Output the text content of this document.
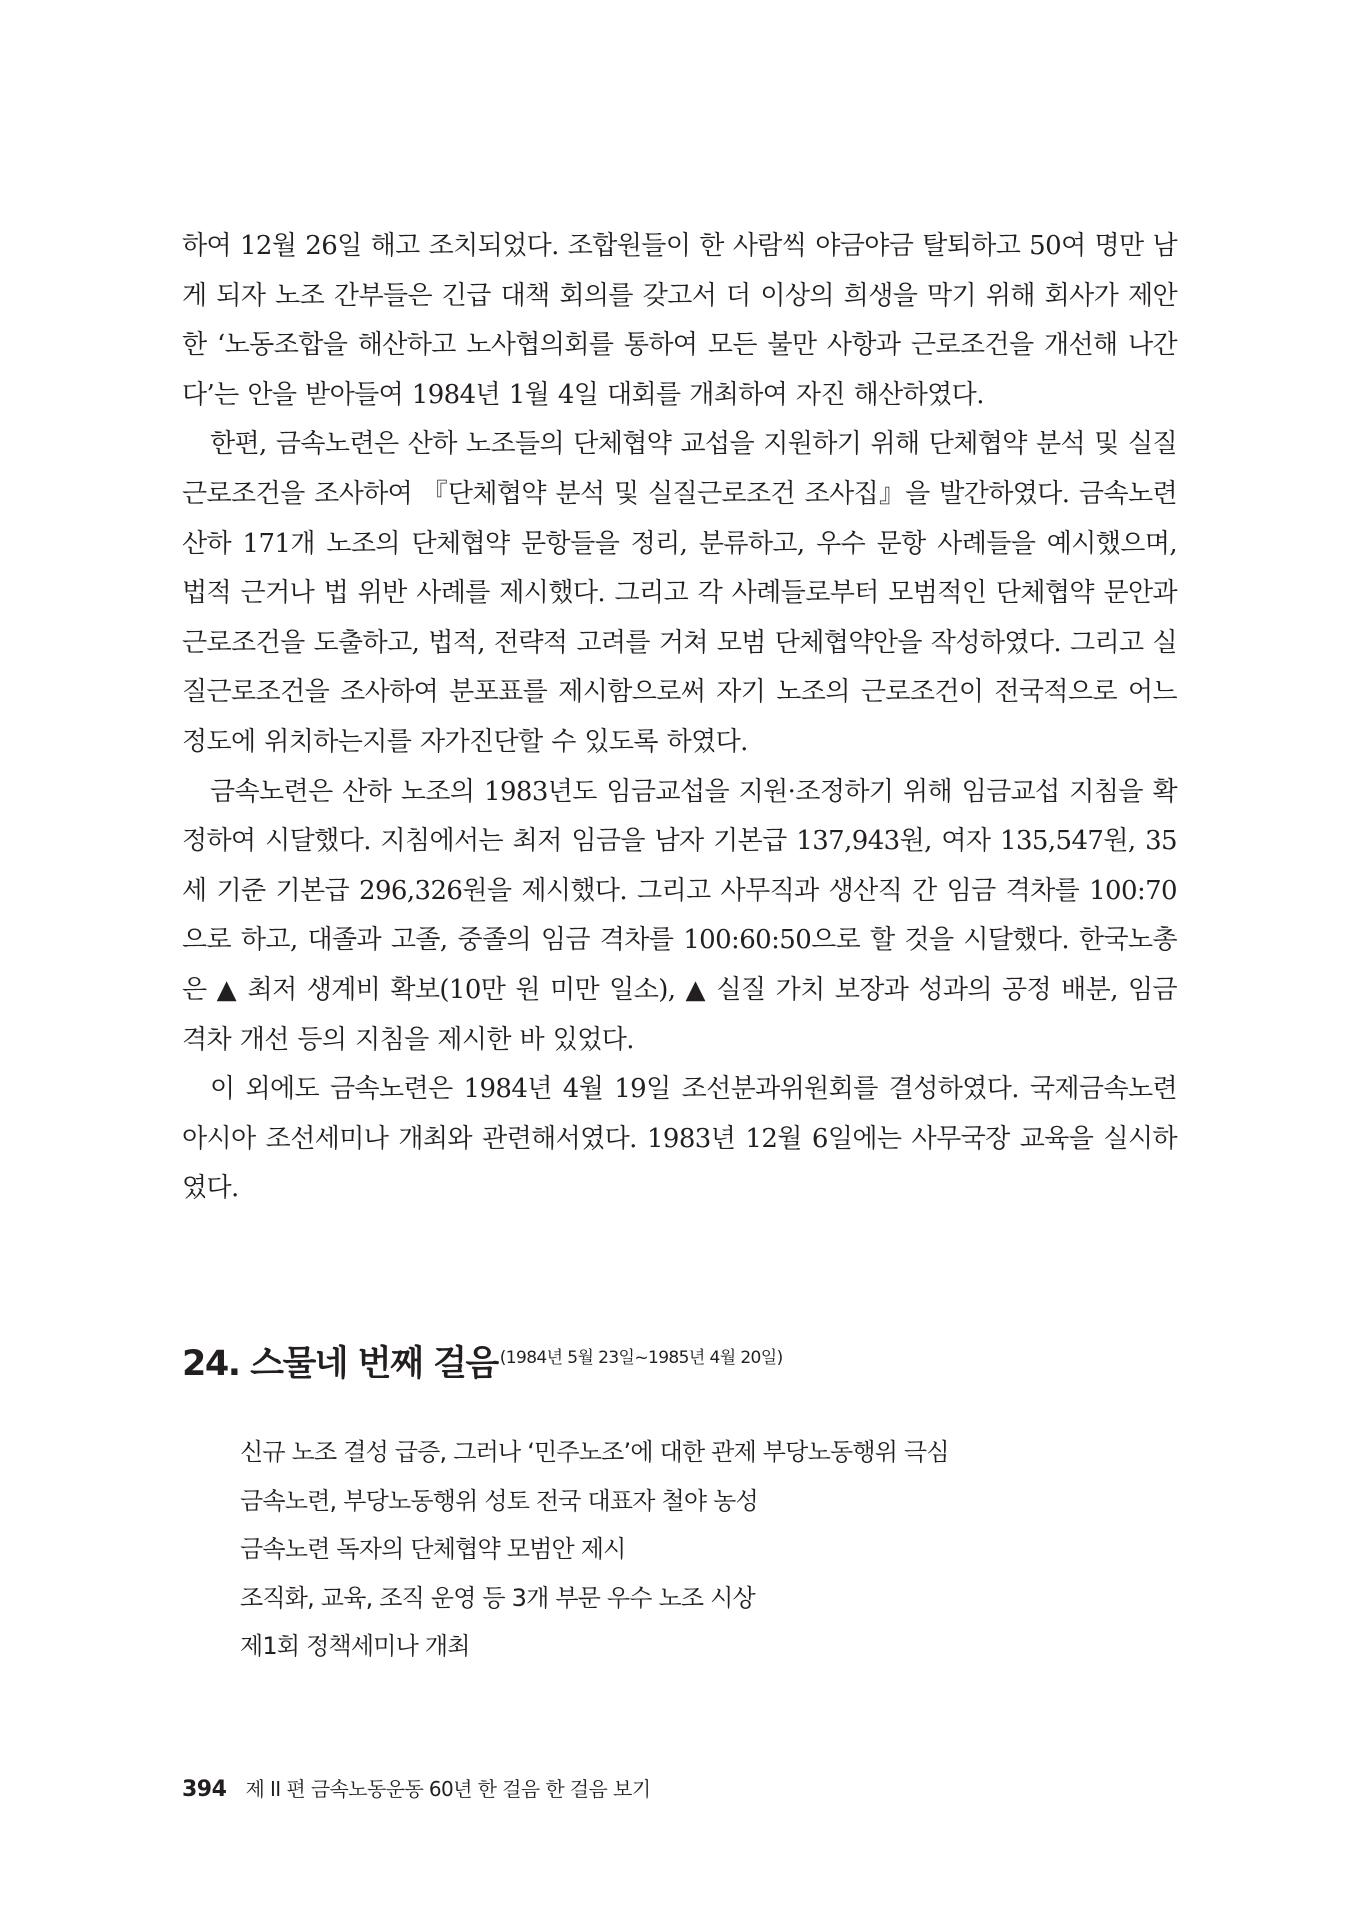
하여 12월 26일 해고 조치되었다. 조합원들이 한 사람씩 야금야금 탈퇴하고 50여 명만 남게 되자 노조 간부들은 긴급 대책 회의를 갖고서 더 이상의 희생을 막기 위해 회사가 제안한 ‘노동조합을 해산하고 노사협의회를 통하여 모든 불만 사항과 근로조건을 개선해 나간다’는 안을 받아들여 1984년 1월 4일 대회를 개최하여 자진 해산하였다.

한편, 금속노련은 산하 노조들의 단체협약 교섭을 지원하기 위해 단체협약 분석 및 실질근로조건을 조사하여 『단체협약 분석 및 실질근로조건 조사집』을 발간하였다. 금속노련 산하 171개 노조의 단체협약 문항들을 정리, 분류하고, 우수 문항 사례들을 예시했으며, 법적 근거나 법 위반 사례를 제시했다. 그리고 각 사례들로부터 모범적인 단체협약 문안과 근로조건을 도출하고, 법적, 전략적 고려를 거쳐 모범 단체협약안을 작성하였다. 그리고 실질근로조건을 조사하여 분포표를 제시함으로써 자기 노조의 근로조건이 전국적으로 어느 정도에 위치하는지를 자가진단할 수 있도록 하였다.

금속노련은 산하 노조의 1983년도 임금교섭을 지원·조정하기 위해 임금교섭 지침을 확정하여 시달했다. 지침에서는 최저 임금을 남자 기본급 137,943원, 여자 135,547원, 35세 기준 기본급 296,326원을 제시했다. 그리고 사무직과 생산직 간 임금 격차를 100:70으로 하고, 대졸과 고졸, 중졸의 임금 격차를 100:60:50으로 할 것을 시달했다. 한국노총은 ▲ 최저 생계비 확보(10만 원 미만 일소), ▲ 실질 가치 보장과 성과의 공정 배분, 임금 격차 개선 등의 지침을 제시한 바 있었다.

이 외에도 금속노련은 1984년 4월 19일 조선분과위원회를 결성하였다. 국제금속노련 아시아 조선세미나 개최와 관련해서였다. 1983년 12월 6일에는 사무국장 교육을 실시하였다.

24. 스물네 번째 걸음 (1984년 5월 23일~1985년 4월 20일)
신규 노조 결성 급증, 그러나 ‘민주노조’에 대한 관제 부당노동행위 극심
금속노련, 부당노동행위 성토 전국 대표자 철야 농성
금속노련 독자의 단체협약 모범안 제시
조직화, 교육, 조직 운영 등 3개 부문 우수 노조 시상
제1회 정책세미나 개최
394 제 II 편 금속노동운동 60년 한 걸음 한 걸음 보기
